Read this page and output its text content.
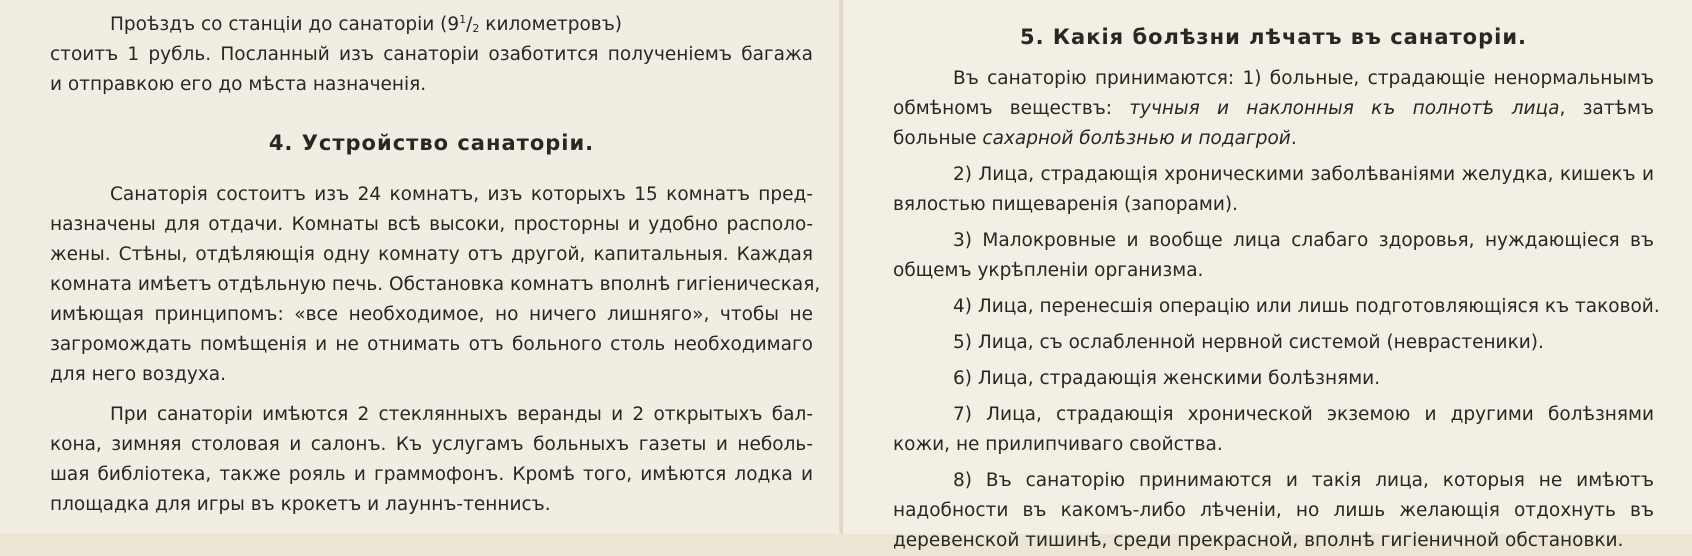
Проѣздъ со станціи до санаторіи ($9^1/_2$ километровъ)
стоитъ 1 рубль. Посланный изъ санаторіи озаботится полученіемъ багажа
и отправкою его до мѣста назначенія.
4. Устройство санаторіи.
Санаторія состоитъ изъ 24 комнатъ, изъ которыхъ 15 комнатъ пред-
назначены для отдачи. Комнаты всѣ высоки, просторны и удобно располо-
жены. Стѣны, отдѣляющія одну комнату отъ другой, капитальныя. Каждая
комната имѣетъ отдѣльную печь. Обстановка комнатъ вполнѣ гигіеническая,
имѣющая принципомъ: «все необходимое, но ничего лишняго», чтобы не
загромождать помѣщенія и не отнимать отъ больного столь необходимаго
для него воздуха.
При санаторіи имѣются 2 стеклянныхъ веранды и 2 открытыхъ бал-
кона, зимняя столовая и салонъ. Къ услугамъ больныхъ газеты и неболь-
шая библіотека, также рояль и граммофонъ. Кромѣ того, имѣются лодка и
площадка для игры въ крокетъ и лауннъ-теннисъ.
5. Какія болѣзни лѣчатъ въ санаторіи.
Въ санаторію принимаются: 1) больные, страдающіе ненормальнымъ
обмѣномъ веществъ: тучныя и наклонныя къ полнотѣ лица, затѣмъ
больные сахарной болѣзнью и подагрой.
2) Лица, страдающія хроническими заболѣваніями желудка, кишекъ и
вялостью пищеваренія (запорами).
3) Малокровные и вообще лица слабаго здоровья, нуждающіеся въ
общемъ укрѣпленіи организма.
4) Лица, перенесшія операцію или лишь подготовляющіяся къ таковой.
5) Лица, съ ослабленной нервной системой (неврастеники).
6) Лица, страдающія женскими болѣзнями.
7) Лица, страдающія хронической экземою и другими болѣзнями
кожи, не прилипчиваго свойства.
8) Въ санаторію принимаются и такія лица, которыя не имѣютъ
надобности въ какомъ-либо лѣченіи, но лишь желающія отдохнуть въ
деревенской тишинѣ, среди прекрасной, вполнѣ гигіеничной обстановки.
